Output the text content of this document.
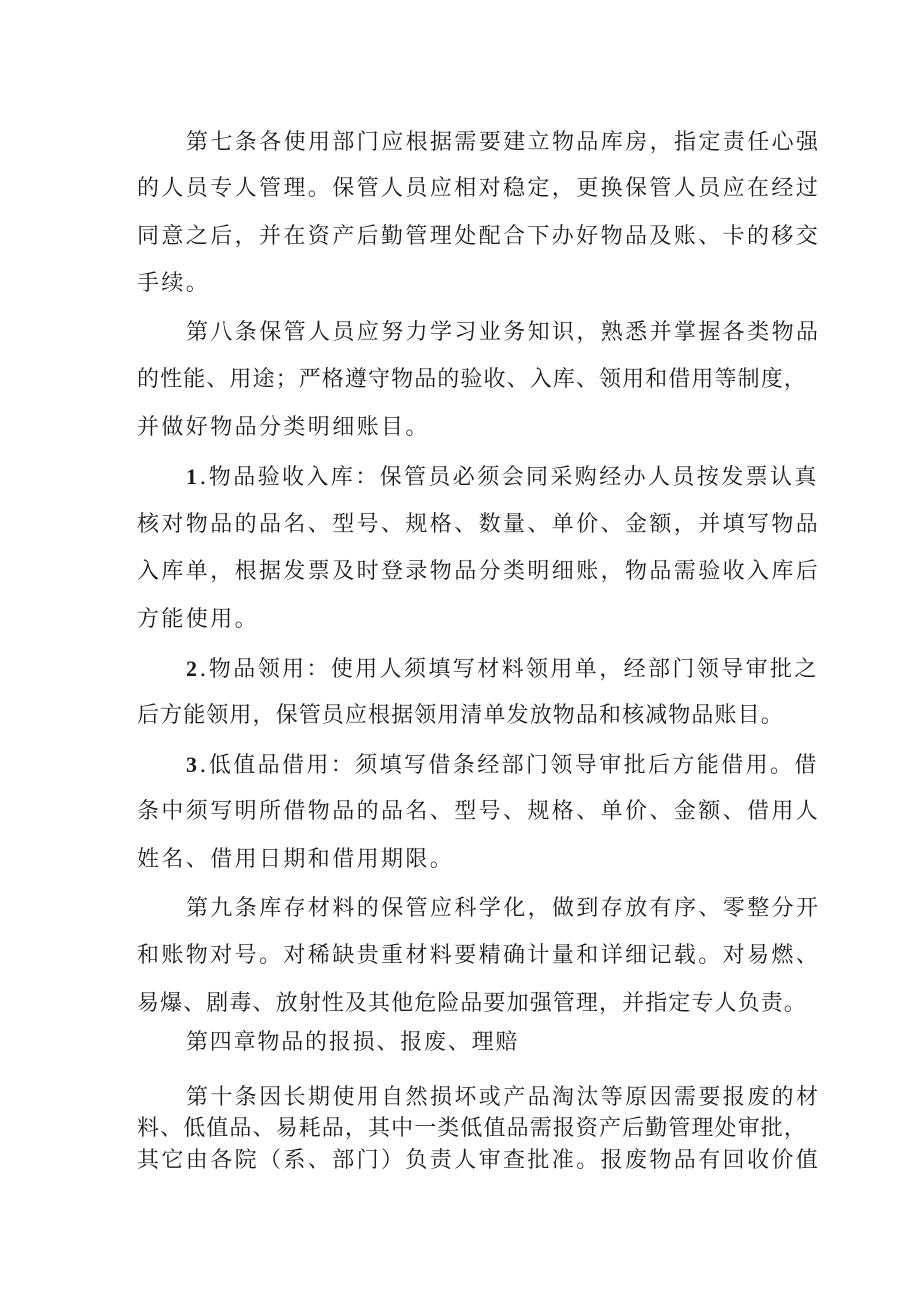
第七条各使用部门应根据需要建立物品库房，指定责任心强
的人员专人管理。保管人员应相对稳定，更换保管人员应在经过
同意之后，并在资产后勤管理处配合下办好物品及账、卡的移交
手续。
第八条保管人员应努力学习业务知识，熟悉并掌握各类物品
的性能、用途；严格遵守物品的验收、入库、领用和借用等制度，
并做好物品分类明细账目。
1.物品验收入库：保管员必须会同采购经办人员按发票认真
核对物品的品名、型号、规格、数量、单价、金额，并填写物品
入库单，根据发票及时登录物品分类明细账，物品需验收入库后
方能使用。
2.物品领用：使用人须填写材料领用单，经部门领导审批之
后方能领用，保管员应根据领用清单发放物品和核减物品账目。
3.低值品借用：须填写借条经部门领导审批后方能借用。借
条中须写明所借物品的品名、型号、规格、单价、金额、借用人
姓名、借用日期和借用期限。
第九条库存材料的保管应科学化，做到存放有序、零整分开
和账物对号。对稀缺贵重材料要精确计量和详细记载。对易燃、
易爆、剧毒、放射性及其他危险品要加强管理，并指定专人负责。
第四章物品的报损、报废、理赔
第十条因长期使用自然损坏或产品淘汰等原因需要报废的材
料、低值品、易耗品，其中一类低值品需报资产后勤管理处审批，
其它由各院（系、部门）负责人审查批准。报废物品有回收价值
